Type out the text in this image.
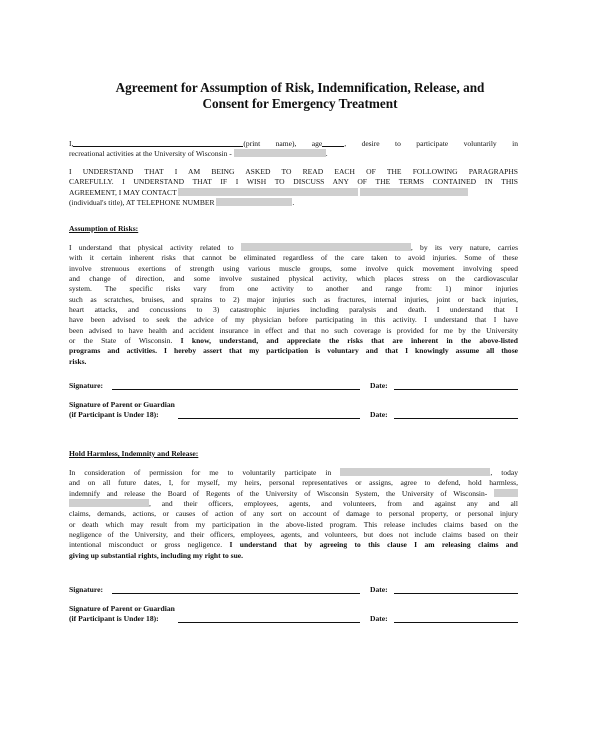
Agreement for Assumption of Risk, Indemnification, Release, and
Consent for Emergency Treatment
I,	(print name), age	, desire to participate voluntarily in
recreational activities at the University of Wisconsin -	.
I UNDERSTAND THAT I AM BEING ASKED TO READ EACH OF THE FOLLOWING PARAGRAPHS
CAREFULLY. I UNDERSTAND THAT IF I WISH TO DISCUSS ANY OF THE TERMS CONTAINED IN THIS
AGREEMENT, I MAY CONTACT
(individual's title), AT TELEPHONE NUMBER	.
Assumption of Risks:
I understand that physical activity related to	, by its very nature, carries
with it certain inherent risks that cannot be eliminated regardless of the care taken to avoid injuries. Some of these
involve strenuous exertions of strength using various muscle groups, some involve quick movement involving speed
and change of direction, and some involve sustained physical activity, which places stress on the cardiovascular
system. The specific risks vary from one activity to another and range from: 1) minor injuries
such as scratches, bruises, and sprains to 2) major injuries such as fractures, internal injuries, joint or back injuries,
heart attacks, and concussions to 3) catastrophic injuries including paralysis and death. I understand that I
have been advised to seek the advice of my physician before participating in this activity. I understand that I have
been advised to have health and accident insurance in effect and that no such coverage is provided for me by the University
or the State of Wisconsin. I know, understand, and appreciate the risks that are inherent in the above-listed
programs and activities. I hereby assert that my participation is voluntary and that I knowingly assume all those
risks.
Signature:	Date:
Signature of Parent or Guardian
(if Participant is Under 18):	Date:
Hold Harmless, Indemnity and Release:
In consideration of permission for me to voluntarily participate in	, today
and on all future dates, I, for myself, my heirs, personal representatives or assigns, agree to defend, hold harmless,
indemnify and release the Board of Regents of the University of Wisconsin System, the University of Wisconsin-
, and their officers, employees, agents, and volunteers, from and against any and all
claims, demands, actions, or causes of action of any sort on account of damage to personal property, or personal injury
or death which may result from my participation in the above-listed program. This release includes claims based on the
negligence of the University, and their officers, employees, agents, and volunteers, but does not include claims based on their
intentional misconduct or gross negligence. I understand that by agreeing to this clause I am releasing claims and
giving up substantial rights, including my right to sue.
Signature:	Date:
Signature of Parent or Guardian
(if Participant is Under 18):	Date:
